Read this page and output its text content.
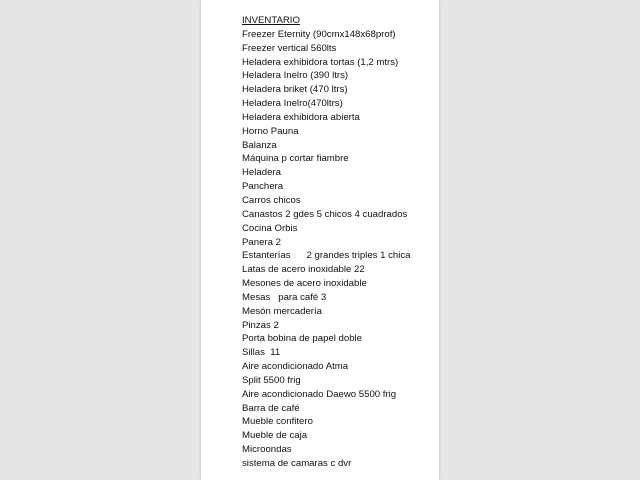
INVENTARIO
Freezer Eternity (90cmx148x68prof)
Freezer vertical 560lts
Heladera exhibidora tortas (1,2 mtrs)
Heladera Inelro (390 ltrs)
Heladera briket (470 ltrs)
Heladera Inelro(470ltrs)
Heladera exhibidora abierta
Horno Pauna
Balanza
Máquina p cortar fiambre
Heladera
Panchera
Carros chicos
Canastos 2 gdes 5 chicos 4 cuadrados
Cocina Orbis
Panera 2
Estanterías      2 grandes triples 1 chica
Latas de acero inoxidable 22
Mesones de acero inoxidable
Mesas   para café 3
Mesón mercadería
Pinzas 2
Porta bobina de papel doble
Sillas  11
Aire acondicionado Atma
Split 5500 frig
Aire acondicionado Daewo 5500 frig
Barra de café
Mueble confitero
Mueble de caja
Microondas
sistema de camaras c dvr
